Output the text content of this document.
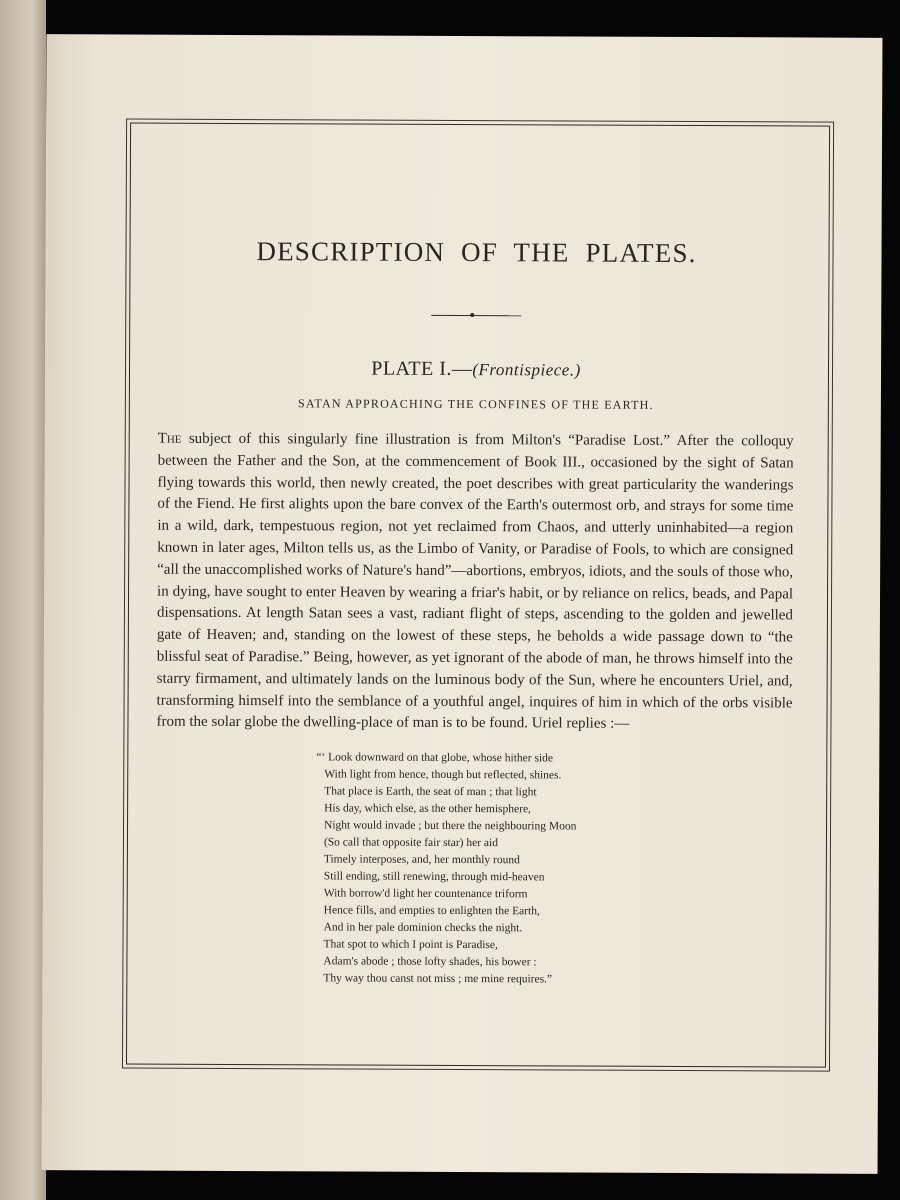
DESCRIPTION OF THE PLATES.
PLATE I.—(Frontispiece.)
SATAN APPROACHING THE CONFINES OF THE EARTH.

The subject of this singularly fine illustration is from Milton's “Paradise Lost.” After the colloquy between the Father and the Son, at the commencement of Book III., occasioned by the sight of Satan flying towards this world, then newly created, the poet describes with great particularity the wanderings of the Fiend. He first alights upon the bare convex of the Earth's outermost orb, and strays for some time in a wild, dark, tempestuous region, not yet reclaimed from Chaos, and utterly uninhabited—a region known in later ages, Milton tells us, as the Limbo of Vanity, or Paradise of Fools, to which are consigned “all the unaccomplished works of Nature's hand”—abortions, embryos, idiots, and the souls of those who, in dying, have sought to enter Heaven by wearing a friar's habit, or by reliance on relics, beads, and Papal dispensations. At length Satan sees a vast, radiant flight of steps, ascending to the golden and jewelled gate of Heaven; and, standing on the lowest of these steps, he beholds a wide passage down to “the blissful seat of Paradise.” Being, however, as yet ignorant of the abode of man, he throws himself into the starry firmament, and ultimately lands on the luminous body of the Sun, where he encounters Uriel, and, transforming himself into the semblance of a youthful angel, inquires of him in which of the orbs visible from the solar globe the dwelling-place of man is to be found. Uriel replies :—

“‘ Look downward on that globe, whose hither side
With light from hence, though but reflected, shines.
That place is Earth, the seat of man ; that light
His day, which else, as the other hemisphere,
Night would invade ; but there the neighbouring Moon
(So call that opposite fair star) her aid
Timely interposes, and, her monthly round
Still ending, still renewing, through mid-heaven
With borrow'd light her countenance triform
Hence fills, and empties to enlighten the Earth,
And in her pale dominion checks the night.
That spot to which I point is Paradise,
Adam's abode ; those lofty shades, his bower :
Thy way thou canst not miss ; me mine requires.”
